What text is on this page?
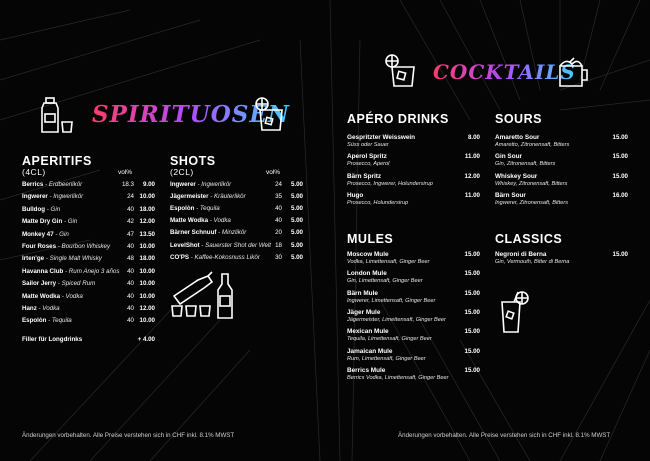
SPIRITUOSEN
APERITIFS
(4CL)	vol%
Berrics - Erdbeerlikör	18.3	9.00
Ingwerer - Ingwerlikör	24 10.00
Bulldog - Gin	40 18.00
Matte Dry Gin - Gin	42 12.00
Monkey 47 - Gin	47 13.50
Four Roses - Bourbon Whiskey	40 10.00
Irten'ge - Single Malt Whisky	48 18.00
Havanna Club - Rum Anejo 3 años	40 10.00
Sailor Jerry - Spiced Rum	40 10.00
Matte Wodka - Vodka	40 10.00
Hanz - Vodka	40 12.00
Espolòn - Tequila	40 10.00
Filler für Longdrinks	+ 4.00
SHOTS
(2CL)	vol%
Ingwerer - Ingwerlikör	24	5.00
Jägermeister - Kräuterlikör	35	5.00
Espolòn - Tequila	40	5.00
Matte Wodka - Vodka	40	5.00
Bärner Schnuuf - Minzlikör	20	5.00
LevelShot - Sauerster Shot der Welt 18	5.00
CO'PS - Kaffee-Kokosnuss Likör	30	5.00
COCKTAILS
APÉRO DRINKS
Gespritzter Weisswein
Süss oder Sauer
8.00
Aperol Spritz
Prosecco, Aperol
11.00
Bärn Spritz
Prosecco, Ingwerer, Holundersirup
12.00
Hugo
Prosecco, Holundersirup
11.00
SOURS
Amaretto Sour
Amaretto, Zitronensaft, Bitters
15.00
Gin Sour
Gin, Zitronensaft, Bitters
15.00
Whiskey Sour
Whiskey, Zitronensaft, Bitters
15.00
Bärn Sour
Ingwerer, Zitronensaft, Bitters
16.00
MULES
Moscow Mule
Vodka, Limettensaft, Ginger Beer
15.00
London Mule
Gin, Limettensaft, Ginger Beer
15.00
Bärn Mule
Ingwerer, Limettensaft, Ginger Beer
15.00
Jäger Mule
Jägermeister, Limettensaft, Ginger Beer
15.00
Mexican Mule
Tequila, Limettensaft, Ginger Beer
15.00
Jamaican Mule
Rum, Limettensaft, Ginger Beer
15.00
Berrics Mule
Berrics Vodka, Limettensaft, Ginger Beer
15.00
CLASSICS
Negroni di Berna
Gin, Vermouth, Bitter di Berna
15.00
Änderungen vorbehalten. Alle Preise verstehen sich in CHF inkl. 8.1% MWST	Änderungen vorbehalten. Alle Preise verstehen sich in CHF inkl. 8.1% MWST
